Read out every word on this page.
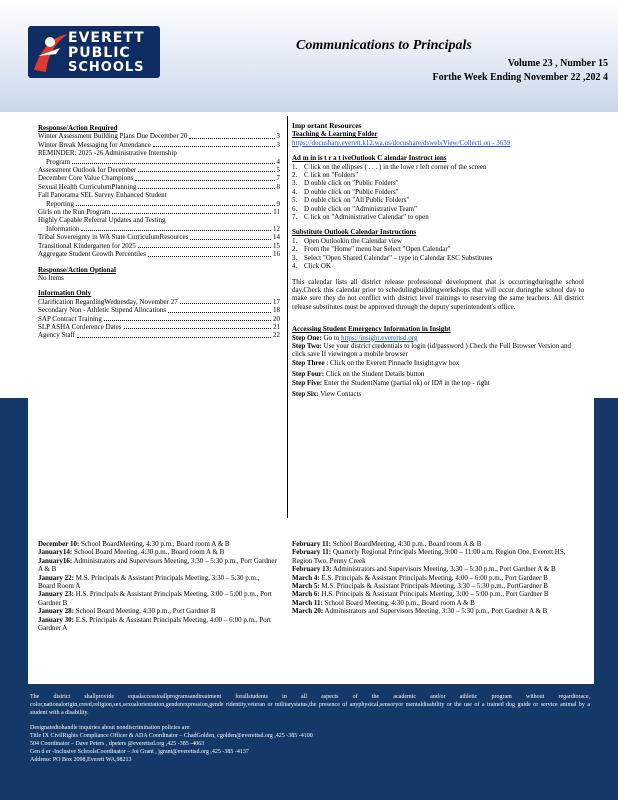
EVERETT
PUBLIC
SCHOOLS
Communications to Principals
Volume 23 , Number 15
Forthe Week Ending November 22 ,202 4
Response/Action Required
Winter Assessment Building Plans Due December 20	3
Winter Break Messaging for Attendance	3
REMINDER: 2025 -26 Administrative Internship
Program	4
Assessment Outlook for December	5
December Core Value Champions	7
Sexual Health CurriculumPlanning	8
Fall Panorama SEL Survey Enhanced Student
Reporting	9
Girls on the Run Program	11
Highly Capable Referral Updates and Testing
Information	12
Tribal Sovereignty in WA State CurriculumResources	14
Transitional Kindergarten for 2025	15
Aggregate Student Growth Percentiles	16
Response/Action Optional
No Items
Information Only
Clarification RegardingWednesday, November 27	17
Secondary Non - Athletic Stipend Allocations	18
SAP Contract Training	20
SLP ASHA Conference Dates	21
Agency Staff	22
Imp ortant Resources
Teaching & Learning Folder
https://docushare.everett.k12.wa.us/docushare/dsweb/View/Collecti on - 3639
Ad m in is t r a t iveOutlook C alendar Instruct ions
1. C lick on the ellipses ( . . . ) in the lowe r left corner of the screen
2. C lick on "Folders"
3. D ouble click on "Public Folders"
4. D ouble click on "Public Folders"
5. D ouble click on "All Public Folders"
6. D ouble click on "Administrative Team"
7. C lick on "Administrative Calendar" to open
Substitute Outlook Calendar Instructions
1. Open Outlookin the Calendar view
2. From the "Home" menu bar Select "Open Calendar"
3. Select "Open Shared Calendar" – type in Calendar ESC Substitutes
4. Click OK
This calendar lists all district release professional development that is occurringduringthe school day.Check this calendar prior to schedulingbuildingworkshops that will occur duringthe school day to make sure they do not conflict with district level trainings to reserving the same teachers. All district release substitutes must be approved through the deputy superintendent's office.
Accessing Student Emergency Information in Insight
Step One: Go to https://insight.everettsd.org
Step Two: Use your district credentials to login (id/password ) Check the Full Browser Version and click save If viewingon a mobile browser
Step Three : Click on the Everett Pinnacle Insight.gvw box
Step Four: Click on the Student Details button
Step Five: Enter the StudentName (partial ok) or ID# in the top - right
Step Six: View Contacts
December 10: School BoardMeeting, 4:30 p.m., Board room A & B
January14: School Board Meeting, 4:30 p.m., Board room A & B
January16: Administrators and Supervisors Meeting, 3:30 – 5:30 p.m., Port Gardner A & B
January 22: M.S. Principals & Assistant Principals Meeting, 3:30 – 5:30 p.m., Board Room A
January 23: H.S. Principals & Assistant Principals Meeting, 3:00 – 5:00 p.m., Port Gardner B
January 28: School Board Meeting, 4:30 p.m., Port Gardner B
January 30: E.S. Principals & Assistant Principals Meeting, 4:00 – 6:00 p.m., Port Gardner A
February 11: School BoardMeeting, 4:30 p.m., Board room A & B
February 11: Quarterly Regional Principals Meeting, 9:00 – 11:00 a.m. Region One, Everett HS, Region Two, Penny Creek
February 13: Administrators and Supervisors Meeting, 3:30 – 5:30 p.m., Port Gardner A & B
March 4: E.S. Principals & Assistant Principals Meeting, 4:00 – 6:00 p.m., Port Gardner B
March 5: M.S. Principals & Assistant Principals Meeting, 3:30 – 5:30 p.m., PortGardner B
March 6: H.S. Principals & Assistant Principals Meeting, 3:00 – 5:00 p.m., Port Gardner B
March 11: School Board Meeting, 4:30 p.m., Board room A & B
March 20: Administrators and Supervisors Meeting, 3:30 – 5:30 p.m., Port Gardner A & B
The district shallprovide equalaccesstoallprogramsandtreatment forallstudents in all aspects of the academic and/or athletic program without regardtorace, color,nationalorigin,creed,religion,sex,sexualorientation,genderexpression,gende ridentity,veteran or militarystatus,the presence of anyphysical,sensoryor mentaldisability or the use of a trained dog guide or service animal by a student with a disability.
Designatedtohandle inquiries about nondiscrimination policies are:
Title IX CivilRights Compliance Officer & ADA Coordinator – ChadGolden, cgolden@everettsd.org ,425 -385 -4100
504 Coordinator – Dave Peters , dpeters @everettsd.org ,425 -385 -4063
Gen d er -Inclusive SchoolsCoordinator – Joi Grant , jgrant@everettsd.org ,425 -385 -4137
Address: PO Box 2098,Everett WA,98213
